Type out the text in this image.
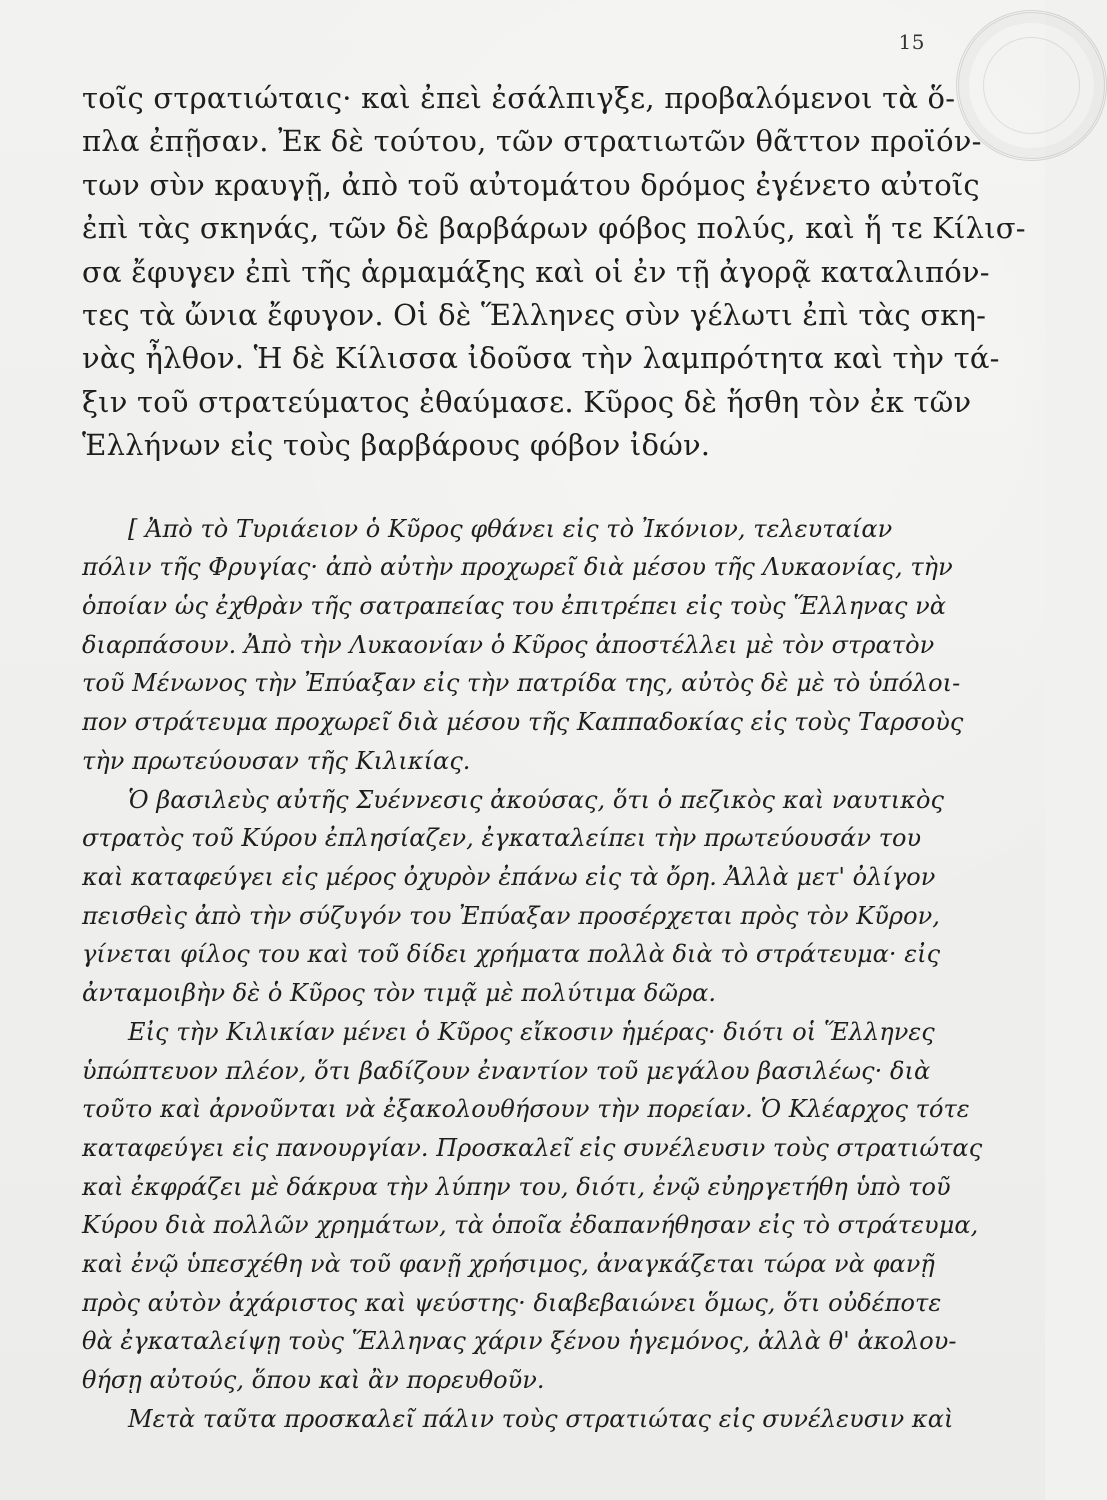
15
τοῖς στρατιώταις· καὶ ἐπεὶ ἐσάλπιγξε, προβαλόμενοι τὰ ὅ-
πλα ἐπῇσαν. Ἐκ δὲ τούτου, τῶν στρατιωτῶν θᾶττον προϊόν-
των σὺν κραυγῇ, ἀπὸ τοῦ αὐτομάτου δρόμος ἐγένετο αὐτοῖς
ἐπὶ τὰς σκηνάς, τῶν δὲ βαρβάρων φόβος πολύς, καὶ ἥ τε Κίλισ-
σα ἔφυγεν ἐπὶ τῆς ἁρμαμάξης καὶ οἱ ἐν τῇ ἀγορᾷ καταλιπόν-
τες τὰ ὤνια ἔφυγον. Οἱ δὲ Ἕλληνες σὺν γέλωτι ἐπὶ τὰς σκη-
νὰς ἦλθον. Ἡ δὲ Κίλισσα ἰδοῦσα τὴν λαμπρότητα καὶ τὴν τά-
ξιν τοῦ στρατεύματος ἐθαύμασε. Κῦρος δὲ ἥσθη τὸν ἐκ τῶν
Ἑλλήνων εἰς τοὺς βαρβάρους φόβον ἰδών.
[ Ἀπὸ τὸ Τυριάειον ὁ Κῦρος φθάνει εἰς τὸ Ἰκόνιον, τελευταίαν
πόλιν τῆς Φρυγίας· ἀπὸ αὐτὴν προχωρεῖ διὰ μέσου τῆς Λυκαονίας, τὴν
ὁποίαν ὡς ἐχθρὰν τῆς σατραπείας του ἐπιτρέπει εἰς τοὺς Ἕλληνας νὰ
διαρπάσουν. Ἀπὸ τὴν Λυκαονίαν ὁ Κῦρος ἀποστέλλει μὲ τὸν στρατὸν
τοῦ Μένωνος τὴν Ἐπύαξαν εἰς τὴν πατρίδα της, αὐτὸς δὲ μὲ τὸ ὑπόλοι-
πον στράτευμα προχωρεῖ διὰ μέσου τῆς Καππαδοκίας εἰς τοὺς Ταρσοὺς
τὴν πρωτεύουσαν τῆς Κιλικίας.
Ὁ βασιλεὺς αὐτῆς Συέννεσις ἀκούσας, ὅτι ὁ πεζικὸς καὶ ναυτικὸς
στρατὸς τοῦ Κύρου ἐπλησίαζεν, ἐγκαταλείπει τὴν πρωτεύουσάν του
καὶ καταφεύγει εἰς μέρος ὀχυρὸν ἐπάνω εἰς τὰ ὄρη. Ἀλλὰ μετ' ὀλίγον
πεισθεὶς ἀπὸ τὴν σύζυγόν του Ἐπύαξαν προσέρχεται πρὸς τὸν Κῦρον,
γίνεται φίλος του καὶ τοῦ δίδει χρήματα πολλὰ διὰ τὸ στράτευμα· εἰς
ἀνταμοιβὴν δὲ ὁ Κῦρος τὸν τιμᾷ μὲ πολύτιμα δῶρα.
Εἰς τὴν Κιλικίαν μένει ὁ Κῦρος εἴκοσιν ἡμέρας· διότι οἱ Ἕλληνες
ὑπώπτευον πλέον, ὅτι βαδίζουν ἐναντίον τοῦ μεγάλου βασιλέως· διὰ
τοῦτο καὶ ἀρνοῦνται νὰ ἐξακολουθήσουν τὴν πορείαν. Ὁ Κλέαρχος τότε
καταφεύγει εἰς πανουργίαν. Προσκαλεῖ εἰς συνέλευσιν τοὺς στρατιώτας
καὶ ἐκφράζει μὲ δάκρυα τὴν λύπην του, διότι, ἐνῷ εὐηργετήθη ὑπὸ τοῦ
Κύρου διὰ πολλῶν χρημάτων, τὰ ὁποῖα ἐδαπανήθησαν εἰς τὸ στράτευμα,
καὶ ἐνῷ ὑπεσχέθη νὰ τοῦ φανῇ χρήσιμος, ἀναγκάζεται τώρα νὰ φανῇ
πρὸς αὐτὸν ἀχάριστος καὶ ψεύστης· διαβεβαιώνει ὅμως, ὅτι οὐδέποτε
θὰ ἐγκαταλείψῃ τοὺς Ἕλληνας χάριν ξένου ἡγεμόνος, ἀλλὰ θ' ἀκολου-
θήσῃ αὐτούς, ὅπου καὶ ἂν πορευθοῦν.
Μετὰ ταῦτα προσκαλεῖ πάλιν τοὺς στρατιώτας εἰς συνέλευσιν καὶ
